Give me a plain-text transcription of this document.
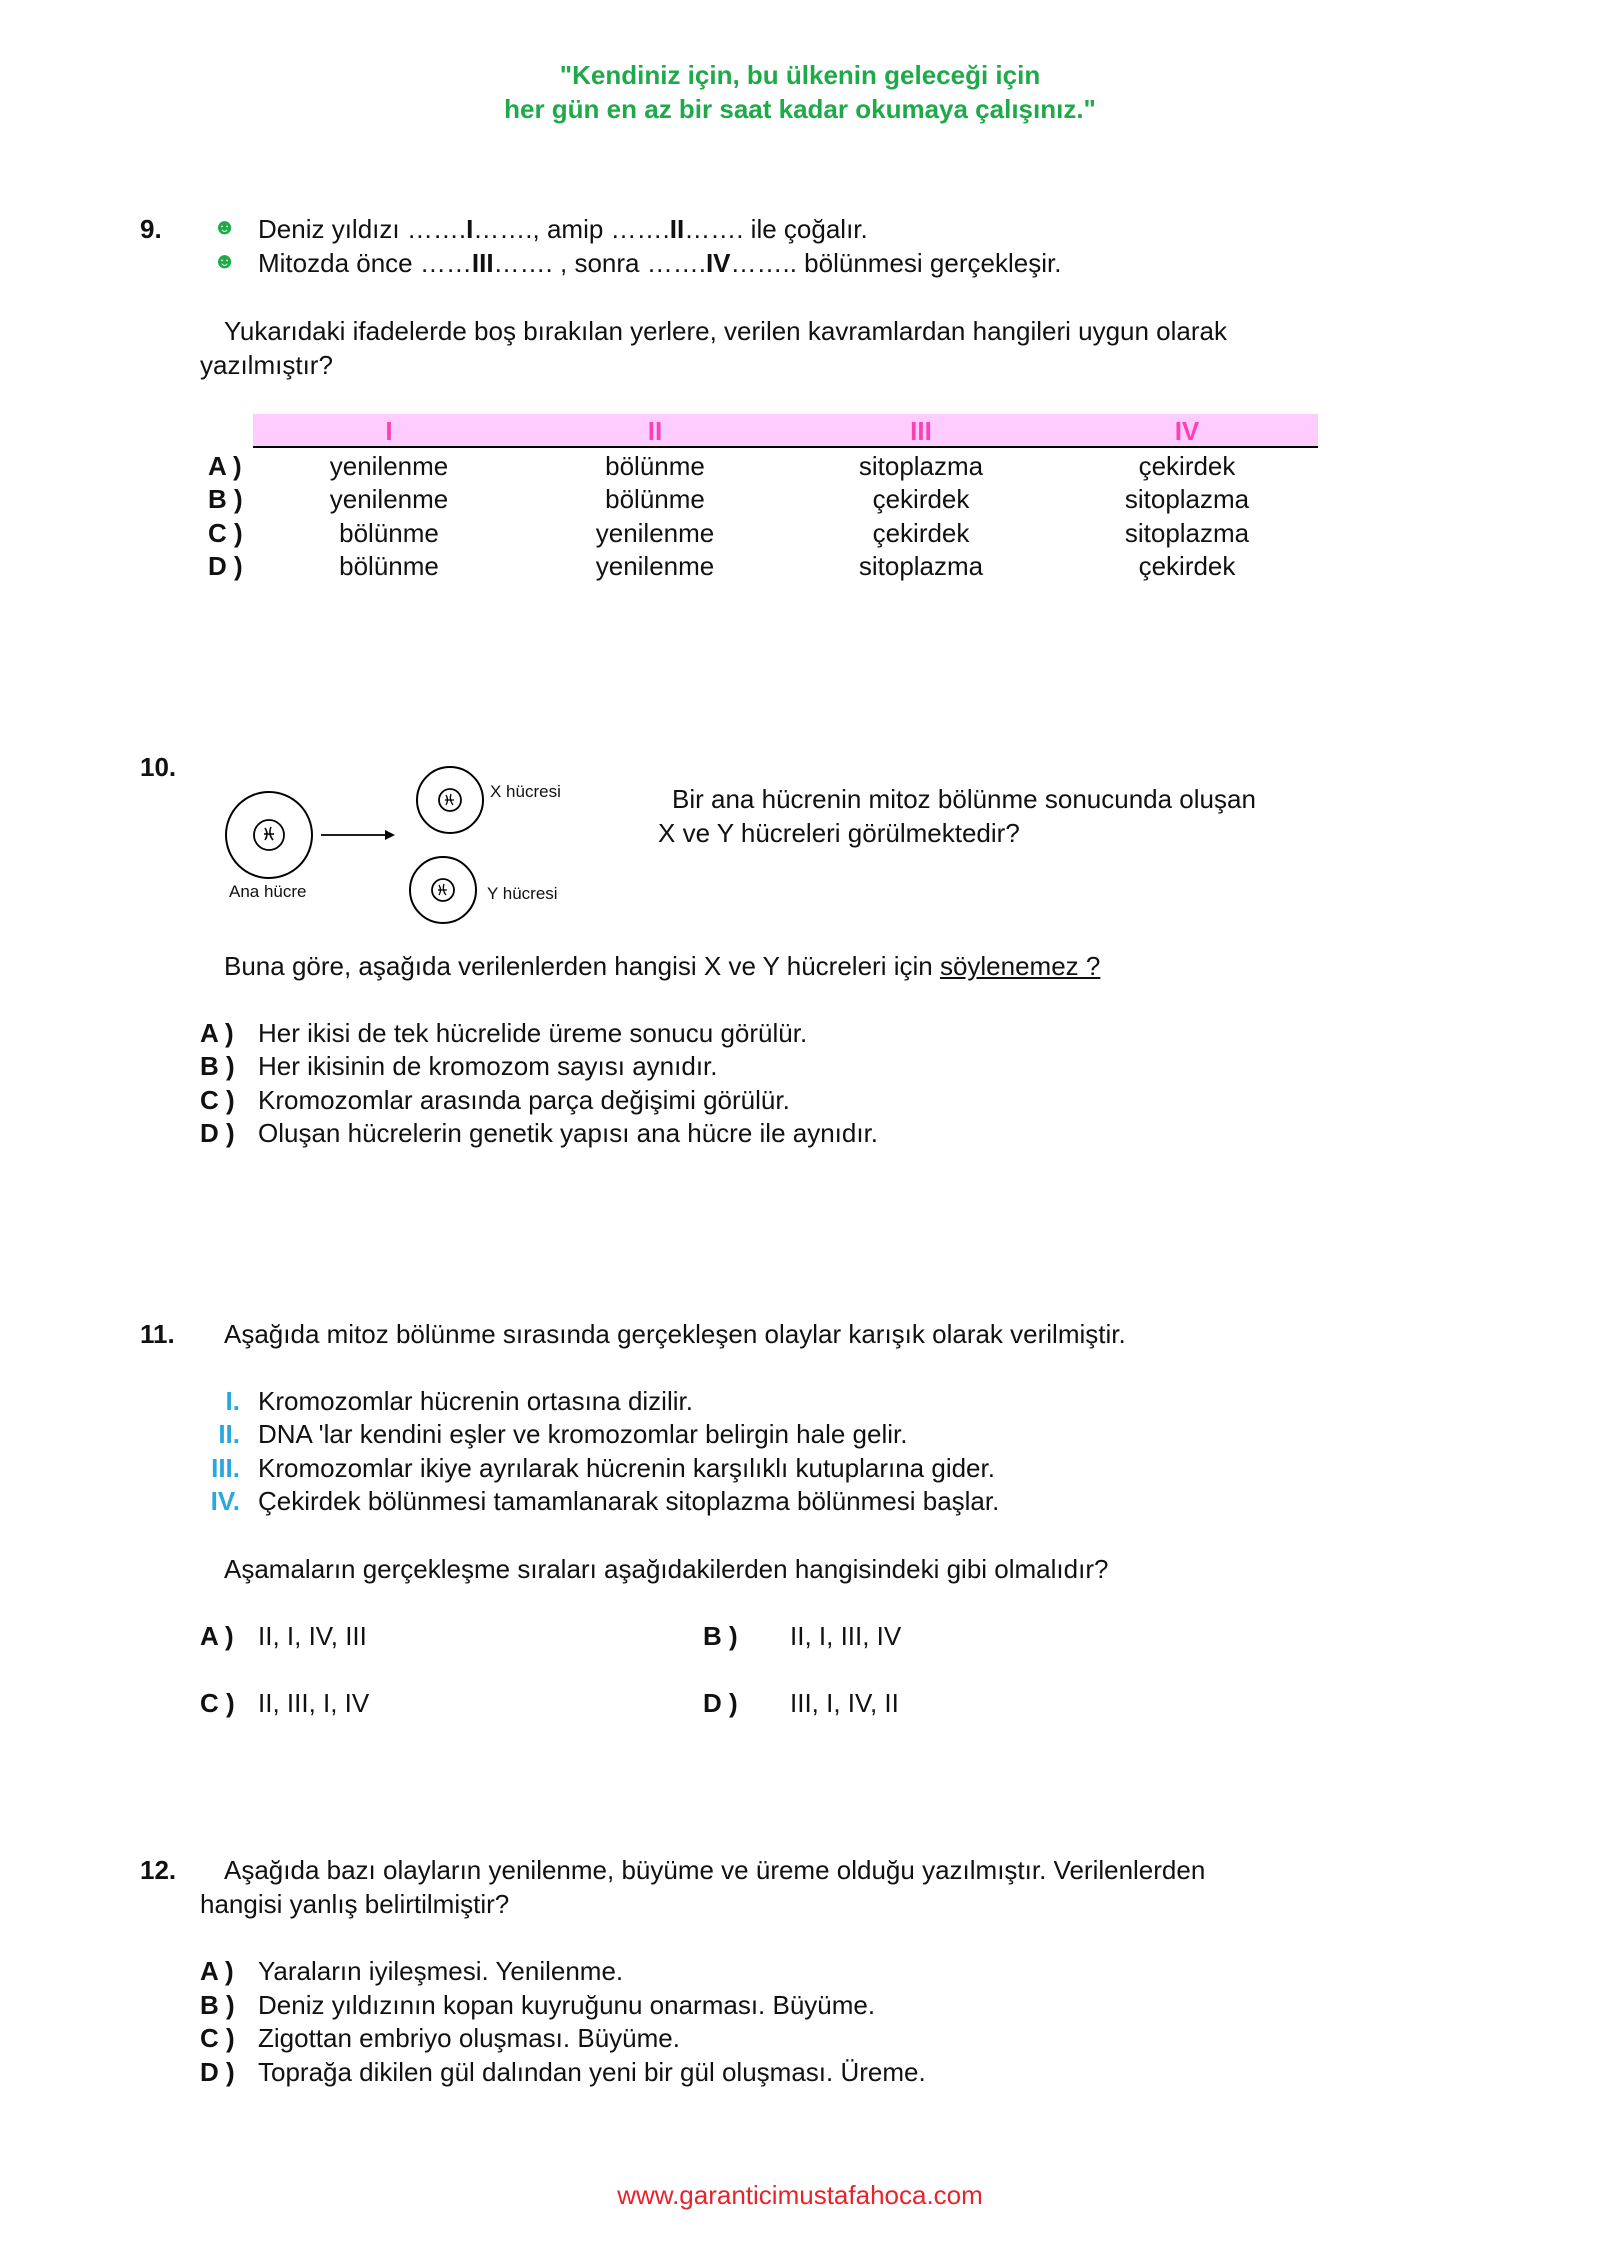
"Kendiniz için, bu ülkenin geleceği için
her gün en az bir saat kadar okumaya çalışınız."
9. ☻ Deniz yıldızı …….I……., amip …….II……. ile çoğalır.
☻ Mitozda önce ……III……. , sonra …….IV…….. bölünmesi gerçekleşir.
Yukarıdaki ifadelerde boş bırakılan yerlere, verilen kavramlardan hangileri uygun olarak
yazılmıştır?
I	II	III	IV
A )	yenilenme	bölünme	sitoplazma	çekirdek
B )	yenilenme	bölünme	çekirdek	sitoplazma
C )	bölünme	yenilenme	çekirdek	sitoplazma
D )	bölünme	yenilenme	sitoplazma	çekirdek
10.
Ana hücre
X hücresi
Y hücresi
Bir ana hücrenin mitoz bölünme sonucunda oluşan
X ve Y hücreleri görülmektedir?
Buna göre, aşağıda verilenlerden hangisi X ve Y hücreleri için söylenemez ?
A ) Her ikisi de tek hücrelide üreme sonucu görülür.
B ) Her ikisinin de kromozom sayısı aynıdır.
C ) Kromozomlar arasında parça değişimi görülür.
D ) Oluşan hücrelerin genetik yapısı ana hücre ile aynıdır.
11. Aşağıda mitoz bölünme sırasında gerçekleşen olaylar karışık olarak verilmiştir.
I. Kromozomlar hücrenin ortasına dizilir.
II. DNA 'lar kendini eşler ve kromozomlar belirgin hale gelir.
III. Kromozomlar ikiye ayrılarak hücrenin karşılıklı kutuplarına gider.
IV. Çekirdek bölünmesi tamamlanarak sitoplazma bölünmesi başlar.
Aşamaların gerçekleşme sıraları aşağıdakilerden hangisindeki gibi olmalıdır?
A ) II, I, IV, III	B ) II, I, III, IV
C ) II, III, I, IV	D ) III, I, IV, II
12. Aşağıda bazı olayların yenilenme, büyüme ve üreme olduğu yazılmıştır. Verilenlerden
hangisi yanlış belirtilmiştir?
A ) Yaraların iyileşmesi. Yenilenme.
B ) Deniz yıldızının kopan kuyruğunu onarması. Büyüme.
C ) Zigottan embriyo oluşması. Büyüme.
D ) Toprağa dikilen gül dalından yeni bir gül oluşması. Üreme.
www.garanticimustafahoca.com
